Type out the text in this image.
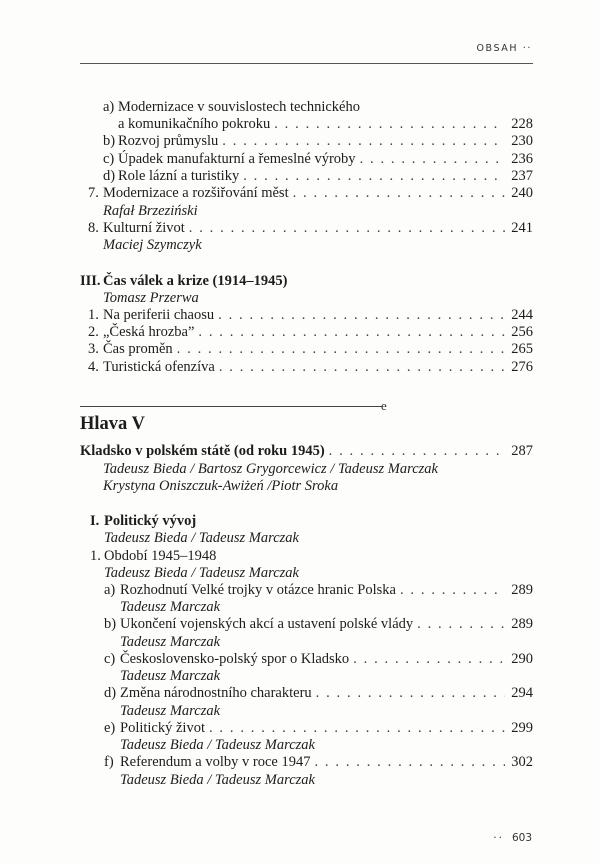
OBSAH ··
a) Modernizace v souvislostech technického
a komunikačního pokroku . . .	228
b) Rozvoj průmyslu . . .	230
c) Úpadek manufakturní a řemeslné výroby . . .	236
d) Role lázní a turistiky . . .	237
7. Modernizace a rozšiřování měst . . .	240
Rafał Brzeziński
8. Kulturní život . . .	241
Maciej Szymczyk
III. Čas válek a krize (1914–1945)
Tomasz Przerwa
1. Na periferii chaosu . . .	244
2. „Česká hrozba” . . .	256
3. Čas proměn . . .	265
4. Turistická ofenzíva . . .	276
e
Hlava V
Kladsko v polském státě (od roku 1945) . . .	287
Tadeusz Bieda / Bartosz Grygorcewicz / Tadeusz Marczak
Krystyna Oniszczuk-Awiżeń /Piotr Sroka
I. Politický vývoj
Tadeusz Bieda / Tadeusz Marczak
1. Období 1945–1948
Tadeusz Bieda / Tadeusz Marczak
a) Rozhodnutí Velké trojky v otázce hranic Polska . . .	289
Tadeusz Marczak
b) Ukončení vojenských akcí a ustavení polské vlády . . .	289
Tadeusz Marczak
c) Československo-polský spor o Kladsko . . .	290
Tadeusz Marczak
d) Změna národnostního charakteru . . .	294
Tadeusz Marczak
e) Politický život . . .	299
Tadeusz Bieda / Tadeusz Marczak
f) Referendum a volby v roce 1947 . . .	302
Tadeusz Bieda / Tadeusz Marczak
·· 603
